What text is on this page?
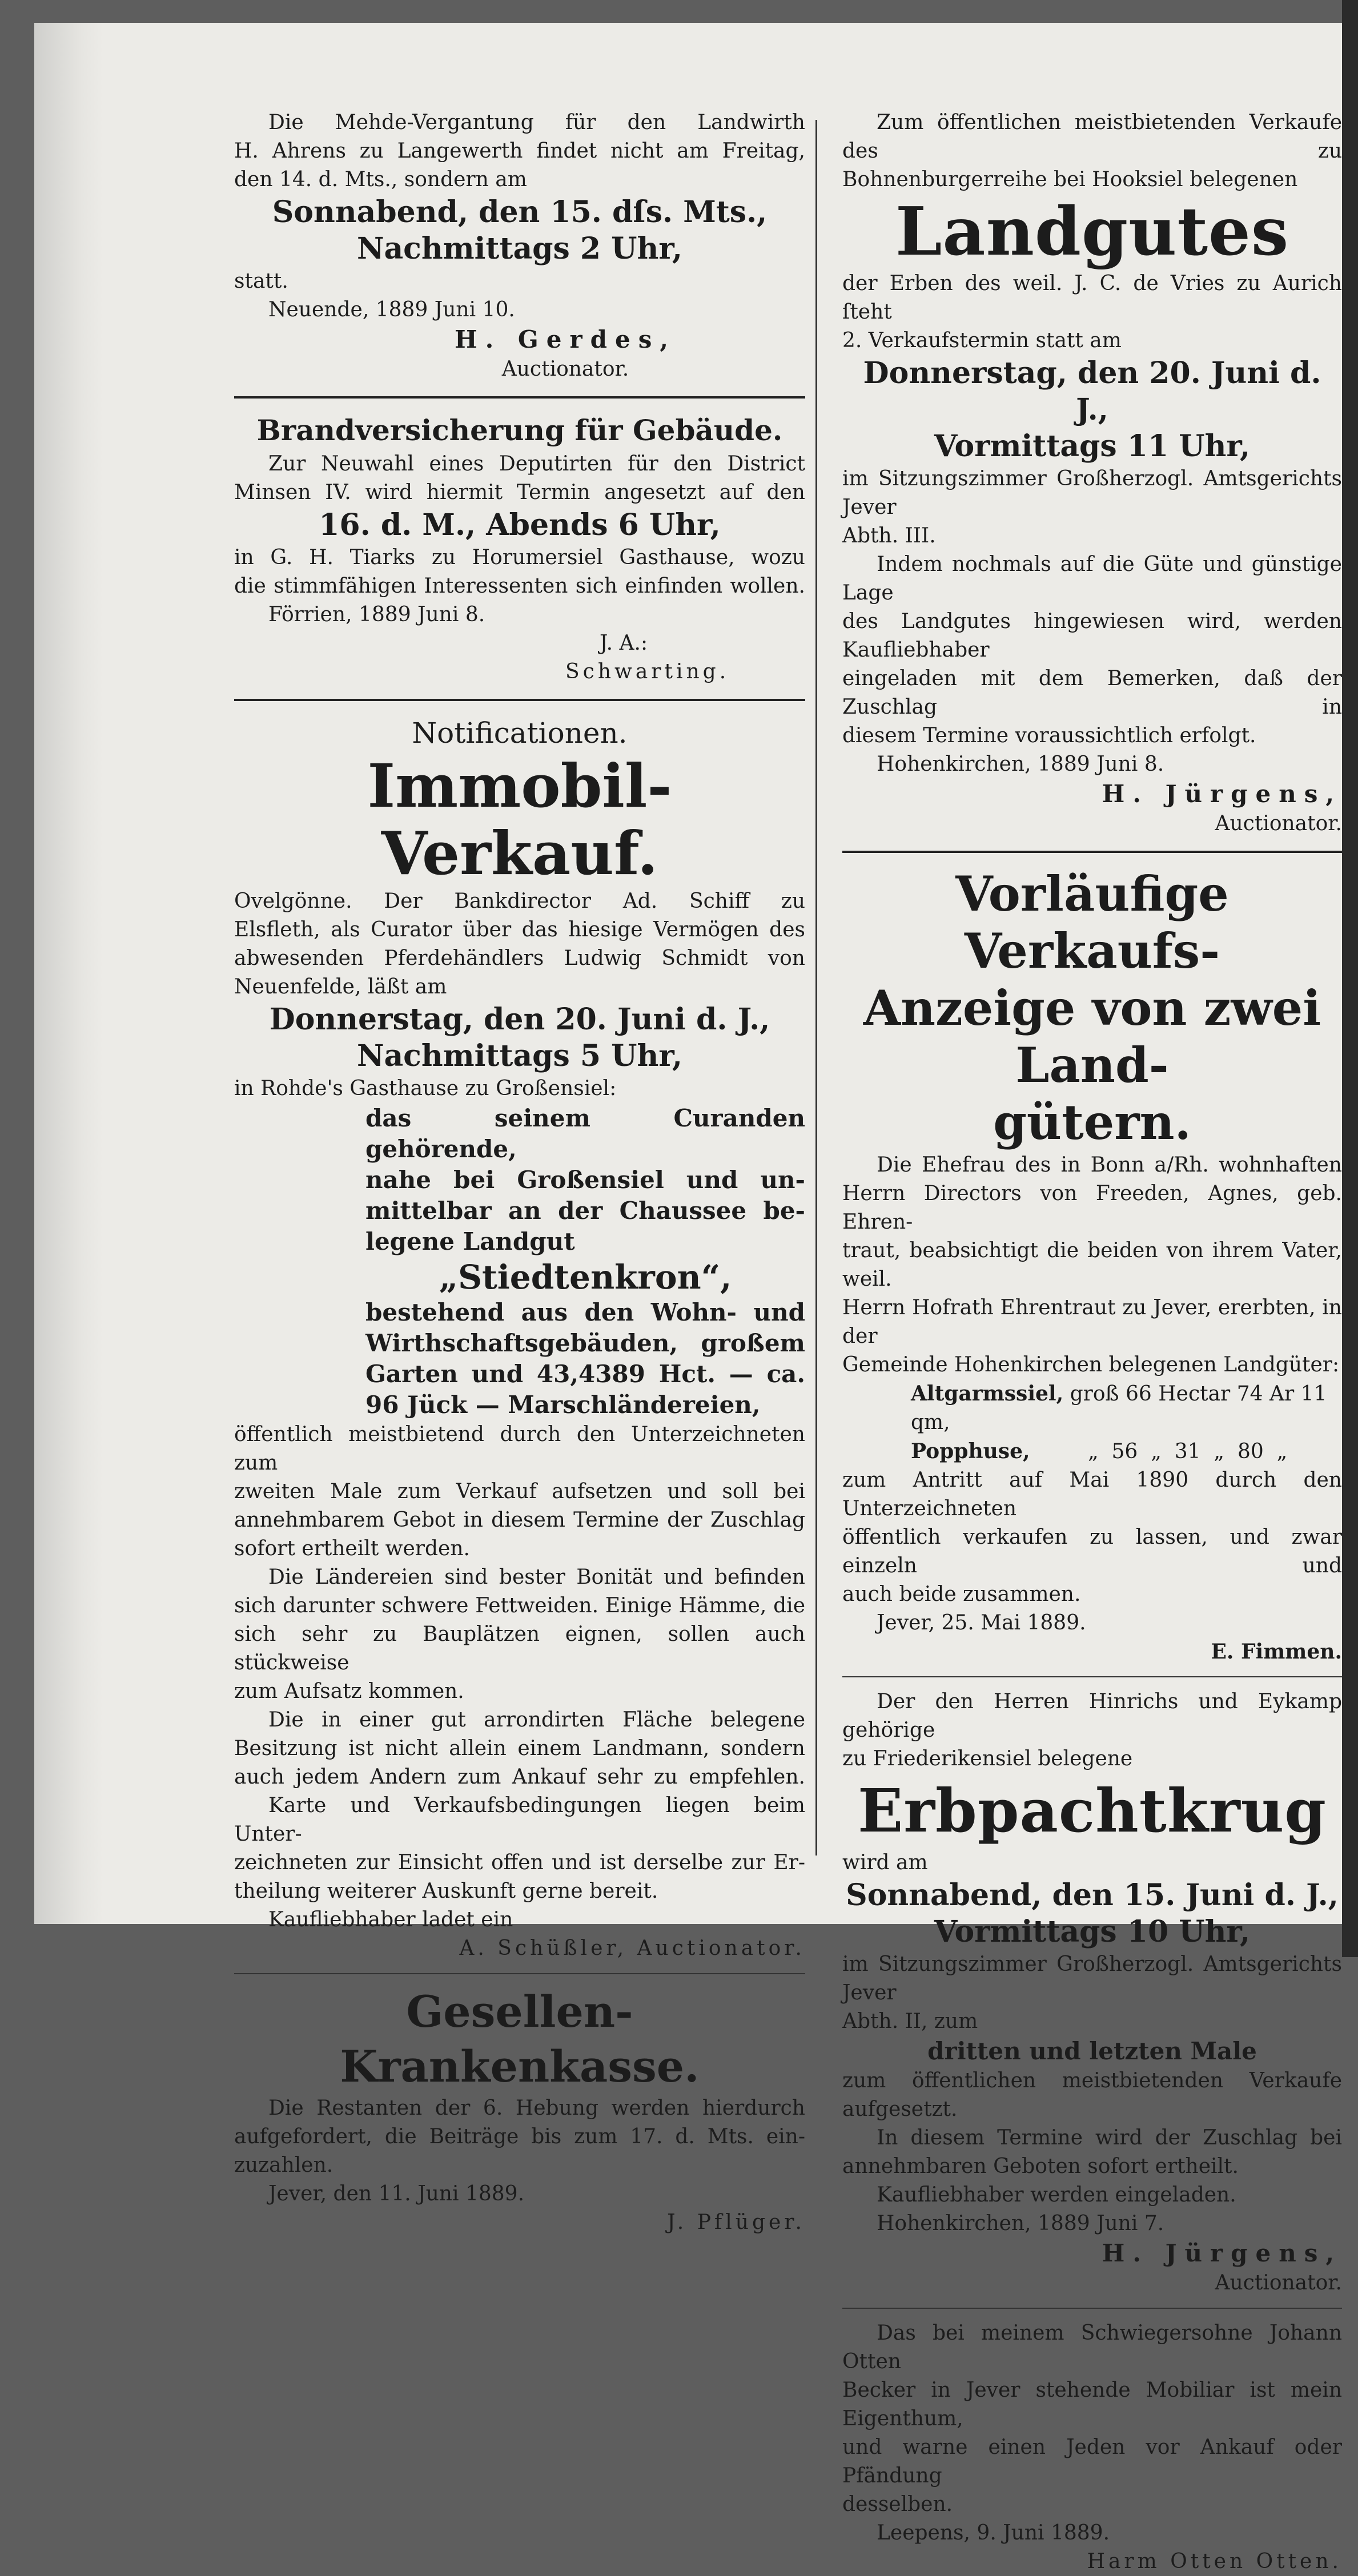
Die Mehde-Vergantung für den Landwirth

H. Ahrens zu Langewerth findet nicht am Freitag,

den 14. d. Mts., sondern am

Sonnabend, den 15. dſs. Mts.,

Nachmittags 2 Uhr,

statt.

Neuende, 1889 Juni 10.

H. Gerdes,

Auctionator.

Brandversicherung für Gebäude.

Zur Neuwahl eines Deputirten für den District

Minsen IV. wird hiermit Termin angesetzt auf den

16. d. M., Abends 6 Uhr,

in G. H. Tiarks zu Horumersiel Gasthause, wozu

die stimmfähigen Interessenten sich einfinden wollen.

Förrien, 1889 Juni 8.

J. A.:

Schwarting.

Notificationen.

Immobil-Verkauf.

Ovelgönne. Der Bankdirector Ad. Schiff zu

Elsfleth, als Curator über das hiesige Vermögen des

abwesenden Pferdehändlers Ludwig Schmidt von

Neuenfelde, läßt am

Donnerstag, den 20. Juni d. J.,

Nachmittags 5 Uhr,

in Rohde's Gasthause zu Großensiel:

das seinem Curanden gehörende,

nahe bei Großensiel und un-

mittelbar an der Chaussee be-

legene Landgut

„Stiedtenkron“,

bestehend aus den Wohn- und

Wirthschaftsgebäuden, großem

Garten und 43,4389 Hct. — ca.

96 Jück — Marschländereien,

öffentlich meistbietend durch den Unterzeichneten zum

zweiten Male zum Verkauf aufsetzen und soll bei

annehmbarem Gebot in diesem Termine der Zuschlag

sofort ertheilt werden.

Die Ländereien sind bester Bonität und befinden

sich darunter schwere Fettweiden. Einige Hämme, die

sich sehr zu Bauplätzen eignen, sollen auch stückweise

zum Aufsatz kommen.

Die in einer gut arrondirten Fläche belegene

Besitzung ist nicht allein einem Landmann, sondern

auch jedem Andern zum Ankauf sehr zu empfehlen.

Karte und Verkaufsbedingungen liegen beim Unter-

zeichneten zur Einsicht offen und ist derselbe zur Er-

theilung weiterer Auskunft gerne bereit.

Kaufliebhaber ladet ein

A. Schüßler, Auctionator.

Gesellen-Krankenkasse.

Die Restanten der 6. Hebung werden hierdurch

aufgefordert, die Beiträge bis zum 17. d. Mts. ein-

zuzahlen.

Jever, den 11. Juni 1889.

J. Pflüger.

Zum öffentlichen meistbietenden Verkaufe des zu

Bohnenburgerreihe bei Hooksiel belegenen

Landgutes

der Erben des weil. J. C. de Vries zu Aurich ſteht

2. Verkaufstermin statt am

Donnerstag, den 20. Juni d. J.,

Vormittags 11 Uhr,

im Sitzungszimmer Großherzogl. Amtsgerichts Jever

Abth. III.

Indem nochmals auf die Güte und günstige Lage

des Landgutes hingewiesen wird, werden Kaufliebhaber

eingeladen mit dem Bemerken, daß der Zuschlag in

diesem Termine voraussichtlich erfolgt.

Hohenkirchen, 1889 Juni 8.

H. Jürgens,

Auctionator.

Vorläufige Verkaufs-

Anzeige von zwei Land-

gütern.

Die Ehefrau des in Bonn a/Rh. wohnhaften

Herrn Directors von Freeden, Agnes, geb. Ehren-

traut, beabsichtigt die beiden von ihrem Vater, weil.

Herrn Hofrath Ehrentraut zu Jever, ererbten, in der

Gemeinde Hohenkirchen belegenen Landgüter:

Altgarmssiel, groß 66 Hectar 74 Ar 11 qm,

Popphuse,	„  56  „  31  „  80  „

zum Antritt auf Mai 1890 durch den Unterzeichneten

öffentlich verkaufen zu lassen, und zwar einzeln und

auch beide zusammen.

Jever, 25. Mai 1889.

E. Fimmen.

Der den Herren Hinrichs und Eykamp gehörige

zu Friederikensiel belegene

Erbpachtkrug

wird am

Sonnabend, den 15. Juni d. J.,

Vormittags 10 Uhr,

im Sitzungszimmer Großherzogl. Amtsgerichts Jever

Abth. II, zum

dritten und letzten Male

zum öffentlichen meistbietenden Verkaufe aufgesetzt.

In diesem Termine wird der Zuschlag bei

annehmbaren Geboten sofort ertheilt.

Kaufliebhaber werden eingeladen.

Hohenkirchen, 1889 Juni 7.

H. Jürgens,

Auctionator.

Das bei meinem Schwiegersohne Johann Otten

Becker in Jever stehende Mobiliar ist mein Eigenthum,

und warne einen Jeden vor Ankauf oder Pfändung

desselben.

Leepens, 9. Juni 1889.

Harm Otten Otten.
